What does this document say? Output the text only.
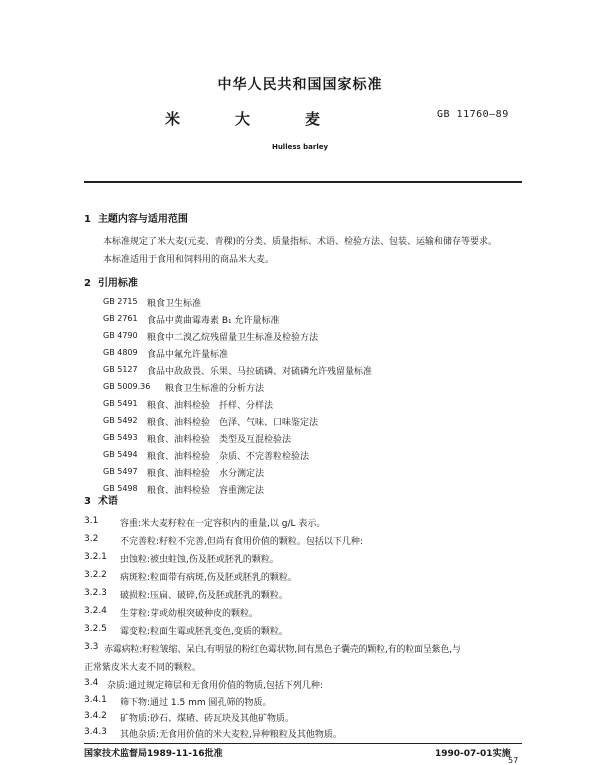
中华人民共和国国家标准
米	大	麦	GB 11760—89
Hulless barley
1 主题内容与适用范围
本标准规定了米大麦(元麦、青稞)的分类、质量指标、术语、检验方法、包装、运输和储存等要求。
本标准适用于食用和饲料用的商品米大麦。
2 引用标准
GB 2715 粮食卫生标准
GB 2761 食品中黄曲霉毒素 B₁ 允许量标准
GB 4790 粮食中二溴乙烷残留量卫生标准及检验方法
GB 4809 食品中氟允许量标准
GB 5127 食品中敌敌畏、乐果、马拉硫磷、对硫磷允许残留量标准
GB 5009.36 粮食卫生标准的分析方法
GB 5491 粮食、油料检验　扦样、分样法
GB 5492 粮食、油料检验　色泽、气味、口味鉴定法
GB 5493 粮食、油料检验　类型及互混检验法
GB 5494 粮食、油料检验　杂质、不完善粒检验法
GB 5497 粮食、油料检验　水分测定法
GB 5498 粮食、油料检验　容重测定法
3 术语
3.1 容重:米大麦籽粒在一定容积内的重量,以 g/L 表示。
3.2 不完善粒:籽粒不完善,但尚有食用价值的颗粒。包括以下几种:
3.2.1 虫蚀粒:被虫蛀蚀,伤及胚或胚乳的颗粒。
3.2.2 病斑粒:粒面带有病斑,伤及胚或胚乳的颗粒。
3.2.3 破损粒:压扁、破碎,伤及胚或胚乳的颗粒。
3.2.4 生芽粒:芽或幼根突破种皮的颗粒。
3.2.5 霉变粒:粒面生霉或胚乳变色,变质的颗粒。
3.3 赤霉病粒:籽粒皱缩、呆白,有明显的粉红色霉状物,间有黑色子囊壳的颗粒,有的粒面呈紫色,与
正常紫皮米大麦不同的颗粒。
3.4 杂质:通过规定筛层和无食用价值的物质,包括下列几种:
3.4.1 筛下物:通过 1.5 mm 圆孔筛的物质。
3.4.2 矿物质:砂石、煤碴、砖瓦块及其他矿物质。
3.4.3 其他杂质:无食用价值的米大麦粒,异种粮粒及其他物质。
国家技术监督局1989-11-16批准	1990-07-01实施
57
